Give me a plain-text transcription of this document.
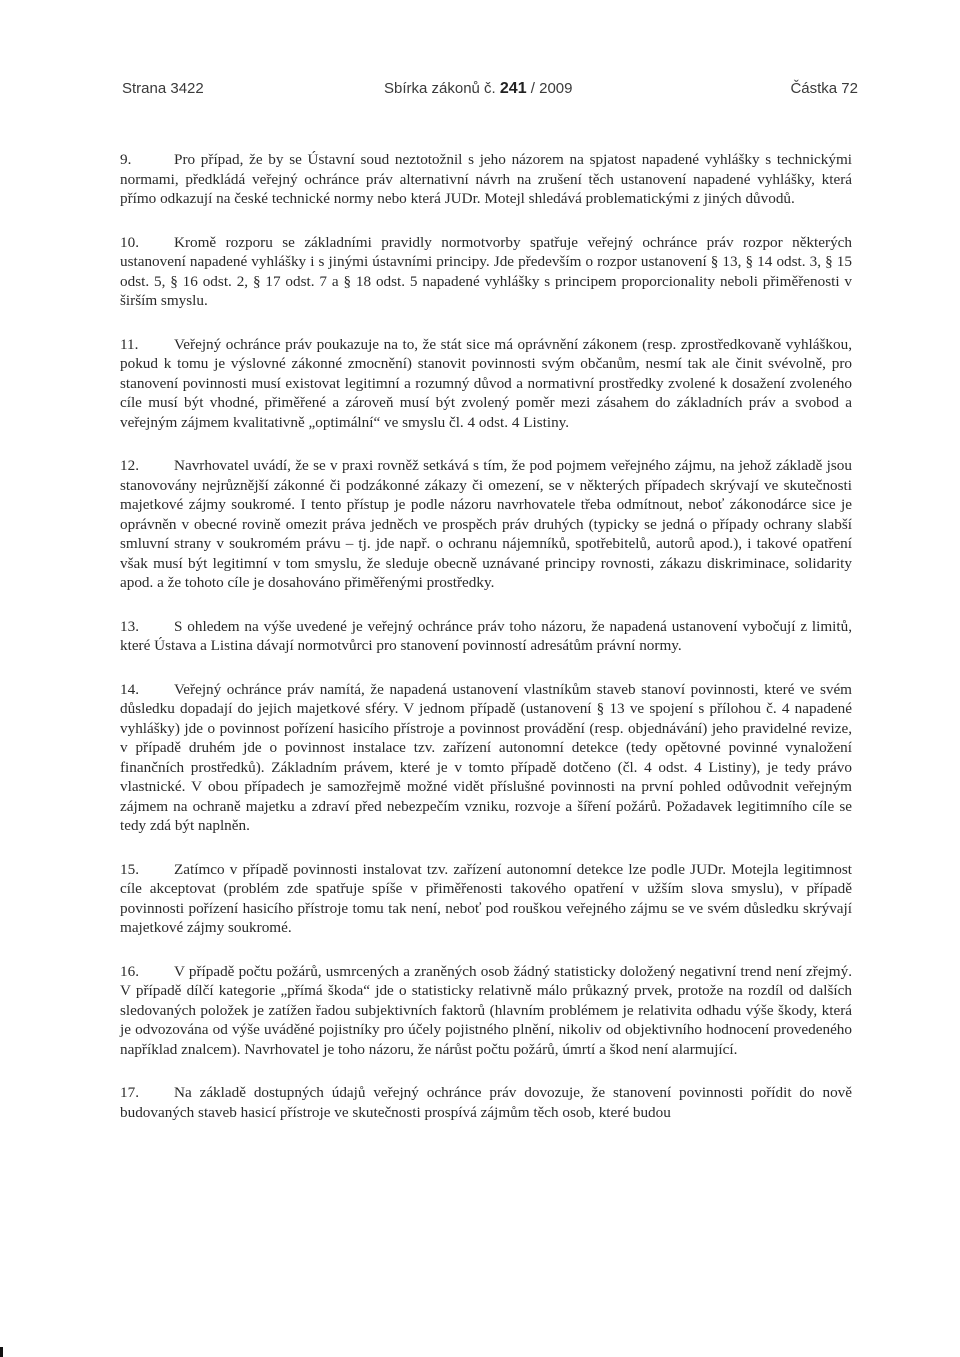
Strana 3422	Sbírka zákonů č. 241 / 2009	Částka 72

9.	Pro případ, že by se Ústavní soud neztotožnil s jeho názorem na spjatost napadené vyhlášky s technickými normami, předkládá veřejný ochránce práv alternativní návrh na zrušení těch ustanovení napadené vyhlášky, která přímo odkazují na české technické normy nebo která JUDr. Motejl shledává problematickými z jiných důvodů.

10. Kromě rozporu se základními pravidly normotvorby spatřuje veřejný ochránce práv rozpor některých ustanovení napadené vyhlášky i s jinými ústavními principy. Jde především o rozpor ustanovení § 13, § 14 odst. 3, § 15 odst. 5, § 16 odst. 2, § 17 odst. 7 a § 18 odst. 5 napadené vyhlášky s principem proporcionality neboli přiměřenosti v širším smyslu.

11. Veřejný ochránce práv poukazuje na to, že stát sice má oprávnění zákonem (resp. zprostředkovaně vyhláškou, pokud k tomu je výslovné zákonné zmocnění) stanovit povinnosti svým občanům, nesmí tak ale činit svévolně, pro stanovení povinnosti musí existovat legitimní a rozumný důvod a normativní prostředky zvolené k dosažení zvoleného cíle musí být vhodné, přiměřené a zároveň musí být zvolený poměr mezi zásahem do základních práv a svobod a veřejným zájmem kvalitativně „optimální“ ve smyslu čl. 4 odst. 4 Listiny.

12. Navrhovatel uvádí, že se v praxi rovněž setkává s tím, že pod pojmem veřejného zájmu, na jehož základě jsou stanovovány nejrůznější zákonné či podzákonné zákazy či omezení, se v některých případech skrývají ve skutečnosti majetkové zájmy soukromé. I tento přístup je podle názoru navrhovatele třeba odmítnout, neboť zákonodárce sice je oprávněn v obecné rovině omezit práva jedněch ve prospěch práv druhých (typicky se jedná o případy ochrany slabší smluvní strany v soukromém právu – tj. jde např. o ochranu nájemníků, spotřebitelů, autorů apod.), i takové opatření však musí být legitimní v tom smyslu, že sleduje obecně uznávané principy rovnosti, zákazu diskriminace, solidarity apod. a že tohoto cíle je dosahováno přiměřenými prostředky.

13. S ohledem na výše uvedené je veřejný ochránce práv toho názoru, že napadená ustanovení vybočují z limitů, které Ústava a Listina dávají normotvůrci pro stanovení povinností adresátům právní normy.

14. Veřejný ochránce práv namítá, že napadená ustanovení vlastníkům staveb stanoví povinnosti, které ve svém důsledku dopadají do jejich majetkové sféry. V jednom případě (ustanovení § 13 ve spojení s přílohou č. 4 napadené vyhlášky) jde o povinnost pořízení hasicího přístroje a povinnost provádění (resp. objednávání) jeho pravidelné revize, v případě druhém jde o povinnost instalace tzv. zařízení autonomní detekce (tedy opětovné povinné vynaložení finančních prostředků). Základním právem, které je v tomto případě dotčeno (čl. 4 odst. 4 Listiny), je tedy právo vlastnické. V obou případech je samozřejmě možné vidět příslušné povinnosti na první pohled odůvodnit veřejným zájmem na ochraně majetku a zdraví před nebezpečím vzniku, rozvoje a šíření požárů. Požadavek legitimního cíle se tedy zdá být naplněn.

15. Zatímco v případě povinnosti instalovat tzv. zařízení autonomní detekce lze podle JUDr. Motejla legitimnost cíle akceptovat (problém zde spatřuje spíše v přiměřenosti takového opatření v užším slova smyslu), v případě povinnosti pořízení hasicího přístroje tomu tak není, neboť pod rouškou veřejného zájmu se ve svém důsledku skrývají majetkové zájmy soukromé.

16. V případě počtu požárů, usmrcených a zraněných osob žádný statisticky doložený negativní trend není zřejmý. V případě dílčí kategorie „přímá škoda“ jde o statisticky relativně málo průkazný prvek, protože na rozdíl od dalších sledovaných položek je zatížen řadou subjektivních faktorů (hlavním problémem je relativita odhadu výše škody, která je odvozována od výše uváděné pojistníky pro účely pojistného plnění, nikoliv od objektivního hodnocení provedeného například znalcem). Navrhovatel je toho názoru, že nárůst počtu požárů, úmrtí a škod není alarmující.

17. Na základě dostupných údajů veřejný ochránce práv dovozuje, že stanovení povinnosti pořídit do nově budovaných staveb hasicí přístroje ve skutečnosti prospívá zájmům těch osob, které budou
